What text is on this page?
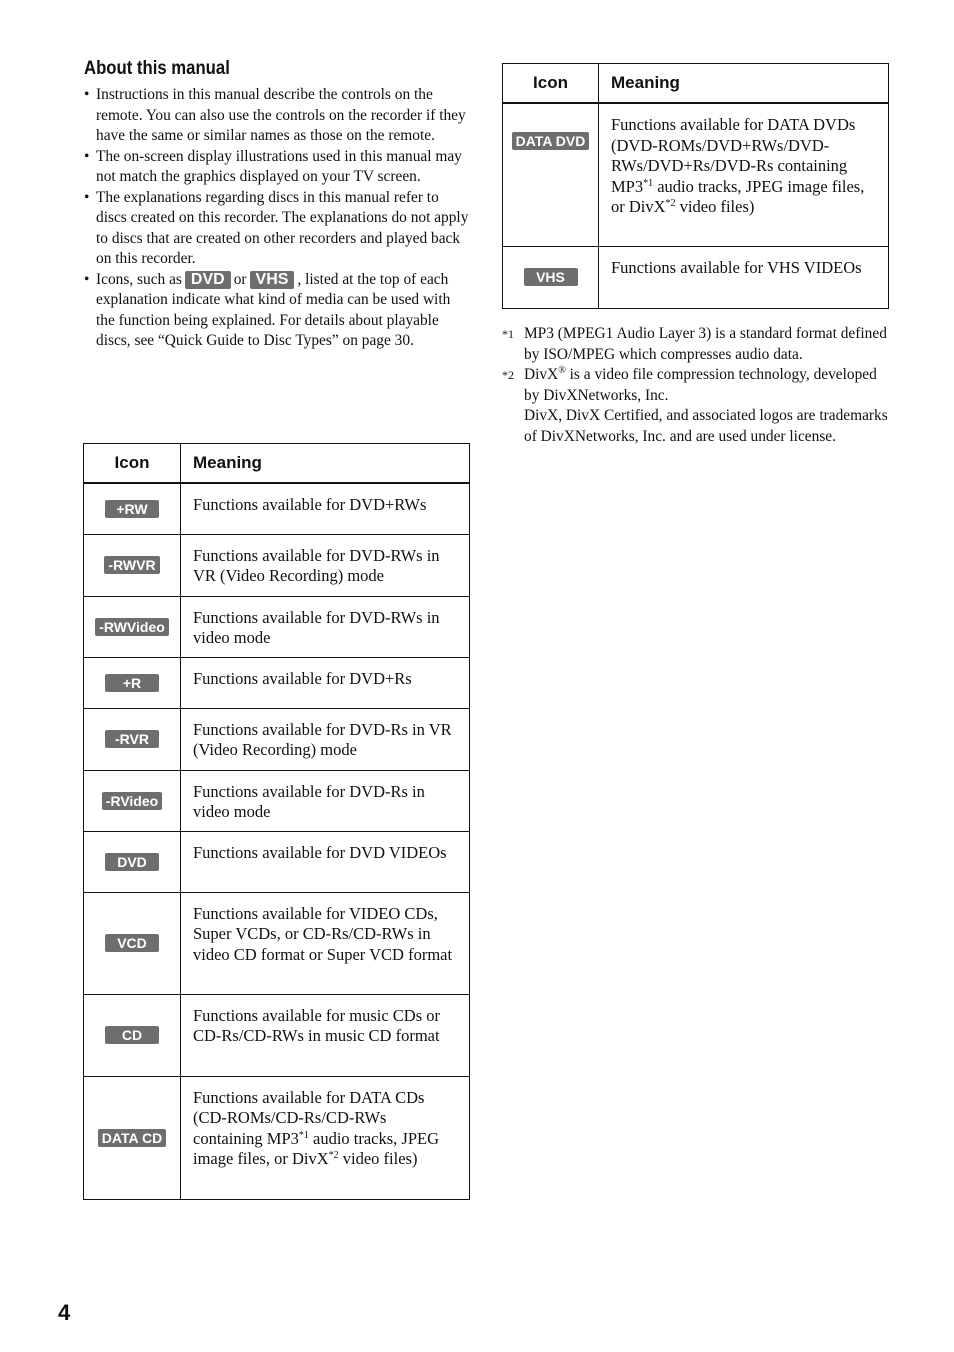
About this manual
• Instructions in this manual describe the controls on the remote. You can also use the controls on the recorder if they have the same or similar names as those on the remote.
• The on-screen display illustrations used in this manual may not match the graphics displayed on your TV screen.
• The explanations regarding discs in this manual refer to discs created on this recorder. The explanations do not apply to discs that are created on other recorders and played back on this recorder.
• Icons, such as DVD or VHS , listed at the top of each explanation indicate what kind of media can be used with the function being explained. For details about playable discs, see “Quick Guide to Disc Types” on page 30.
Icon	Meaning
+RW	Functions available for DVD+RWs
-RWVR	Functions available for DVD-RWs in VR (Video Recording) mode
-RWVideo	Functions available for DVD-RWs in video mode
+R	Functions available for DVD+Rs
-RVR	Functions available for DVD-Rs in VR (Video Recording) mode
-RVideo	Functions available for DVD-Rs in video mode
DVD	Functions available for DVD VIDEOs
VCD	Functions available for VIDEO CDs, Super VCDs, or CD-Rs/CD-RWs in video CD format or Super VCD format
CD	Functions available for music CDs or CD-Rs/CD-RWs in music CD format
DATA CD	Functions available for DATA CDs (CD-ROMs/CD-Rs/CD-RWs containing MP3$^{*1}$ audio tracks, JPEG image files, or DivX$^{*2}$ video files)
Icon	Meaning
DATA DVD	Functions available for DATA DVDs (DVD-ROMs/DVD+RWs/DVD-RWs/DVD+Rs/DVD-Rs containing MP3$^{*1}$ audio tracks, JPEG image files, or DivX$^{*2}$ video files)
VHS	Functions available for VHS VIDEOs
*1 MP3 (MPEG1 Audio Layer 3) is a standard format defined by ISO/MPEG which compresses audio data.
*2 DivX® is a video file compression technology, developed by DivXNetworks, Inc.
DivX, DivX Certified, and associated logos are trademarks of DivXNetworks, Inc. and are used under license.
4
